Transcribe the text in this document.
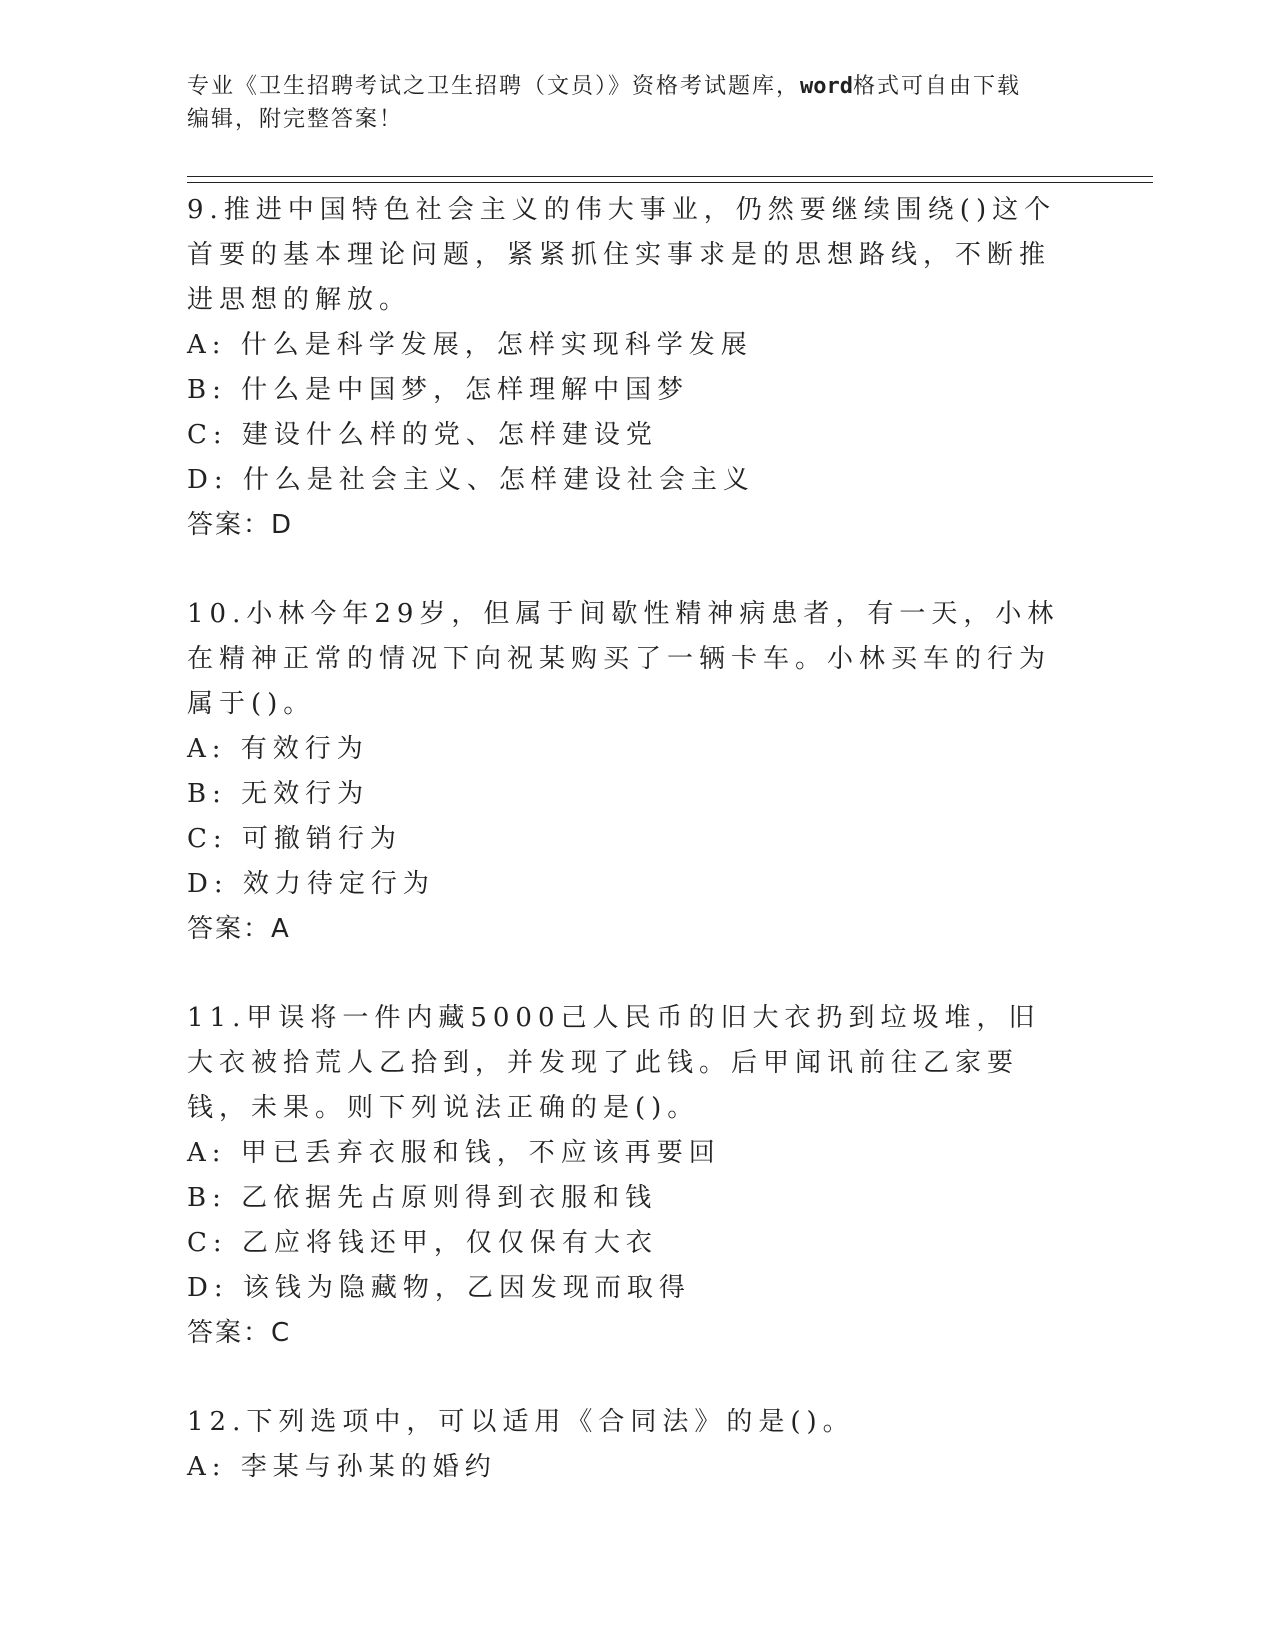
专业《卫生招聘考试之卫生招聘（文员）》资格考试题库，word格式可自由下载
编辑，附完整答案！

9.推进中国特色社会主义的伟大事业，仍然要继续围绕()这个首要的基本理论问题，紧紧抓住实事求是的思想路线，不断推进思想的解放。

A: 什么是科学发展，怎样实现科学发展

B: 什么是中国梦，怎样理解中国梦

C: 建设什么样的党、怎样建设党

D: 什么是社会主义、怎样建设社会主义

答案：D

10.小林今年29岁，但属于间歇性精神病患者，有一天，小林在精神正常的情况下向祝某购买了一辆卡车。小林买车的行为属于()。

A: 有效行为

B: 无效行为

C: 可撤销行为

D: 效力待定行为

答案：A

11.甲误将一件内藏5000己人民币的旧大衣扔到垃圾堆，旧大衣被拾荒人乙拾到，并发现了此钱。后甲闻讯前往乙家要钱，未果。则下列说法正确的是()。

A: 甲已丢弃衣服和钱，不应该再要回

B: 乙依据先占原则得到衣服和钱

C: 乙应将钱还甲，仅仅保有大衣

D: 该钱为隐藏物，乙因发现而取得

答案：C

12.下列选项中，可以适用《合同法》的是()。

A: 李某与孙某的婚约
